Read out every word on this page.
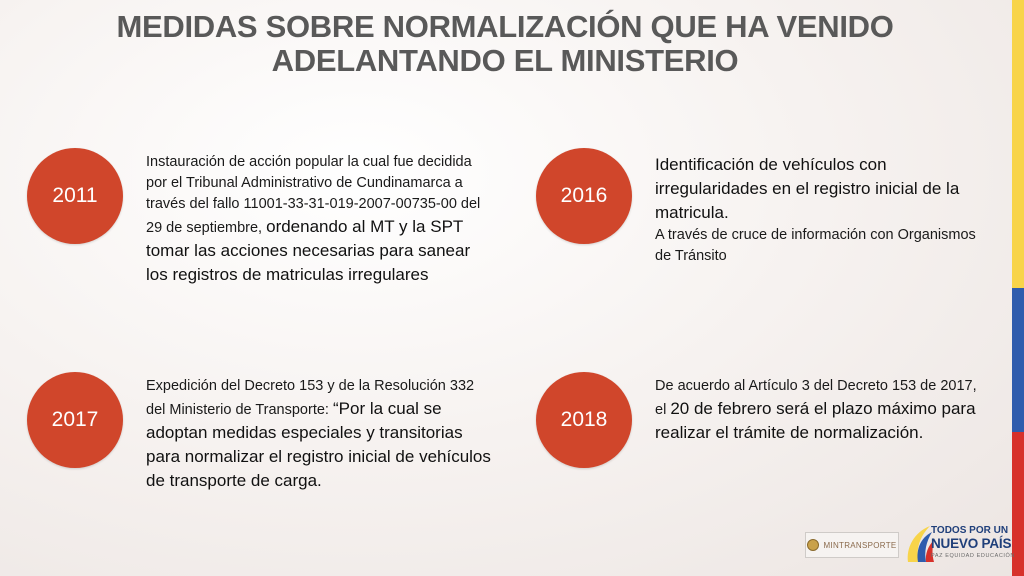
MEDIDAS SOBRE NORMALIZACIÓN QUE HA VENIDO
ADELANTANDO EL MINISTERIO
2011
Instauración de acción popular la cual fue decidida por el Tribunal Administrativo de Cundinamarca a través del fallo 11001-33-31-019-2007-00735-00 del 29 de septiembre, ordenando al MT y la SPT tomar las acciones necesarias para sanear los registros de matriculas irregulares
2016
Identificación de vehículos con irregularidades en el registro inicial de la matricula.
A través de cruce de información con Organismos de Tránsito
2017
Expedición del Decreto 153 y de la Resolución 332 del Ministerio de Transporte: “Por la cual se adoptan medidas especiales y transitorias para normalizar el registro inicial de vehículos de transporte de carga.
2018
De acuerdo al Artículo 3 del Decreto 153 de 2017, el 20 de febrero será el plazo máximo para realizar el trámite de normalización.
MINTRANSPORTE
TODOS POR UN
NUEVO PAÍS
PAZ EQUIDAD EDUCACIÓN
